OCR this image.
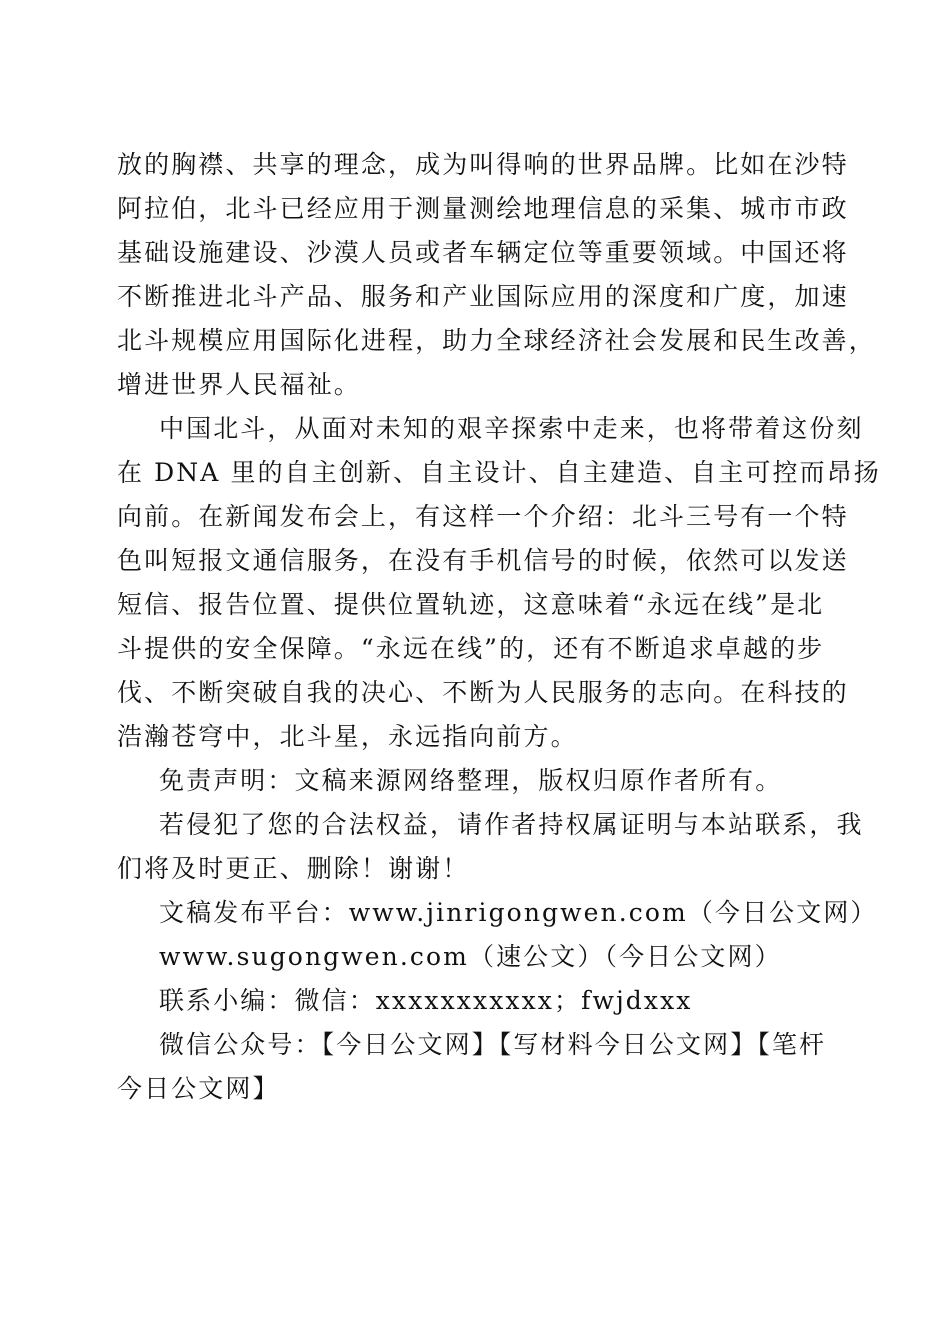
放的胸襟、共享的理念，成为叫得响的世界品牌。比如在沙特
阿拉伯，北斗已经应用于测量测绘地理信息的采集、城市市政
基础设施建设、沙漠人员或者车辆定位等重要领域。中国还将
不断推进北斗产品、服务和产业国际应用的深度和广度，加速
北斗规模应用国际化进程，助力全球经济社会发展和民生改善，
增进世界人民福祉。

中国北斗，从面对未知的艰辛探索中走来，也将带着这份刻
在 DNA 里的自主创新、自主设计、自主建造、自主可控而昂扬
向前。在新闻发布会上，有这样一个介绍：北斗三号有一个特
色叫短报文通信服务，在没有手机信号的时候，依然可以发送
短信、报告位置、提供位置轨迹，这意味着“永远在线”是北
斗提供的安全保障。“永远在线”的，还有不断追求卓越的步
伐、不断突破自我的决心、不断为人民服务的志向。在科技的
浩瀚苍穹中，北斗星，永远指向前方。

免责声明：文稿来源网络整理，版权归原作者所有。

若侵犯了您的合法权益，请作者持权属证明与本站联系，我
们将及时更正、删除！谢谢！

文稿发布平台：www.jinrigongwen.com（今日公文网）

www.sugongwen.com（速公文）（今日公文网）

联系小编：微信：xxxxxxxxxxx；fwjdxxx

微信公众号：【今日公文网】【写材料今日公文网】【笔杆
今日公文网】
